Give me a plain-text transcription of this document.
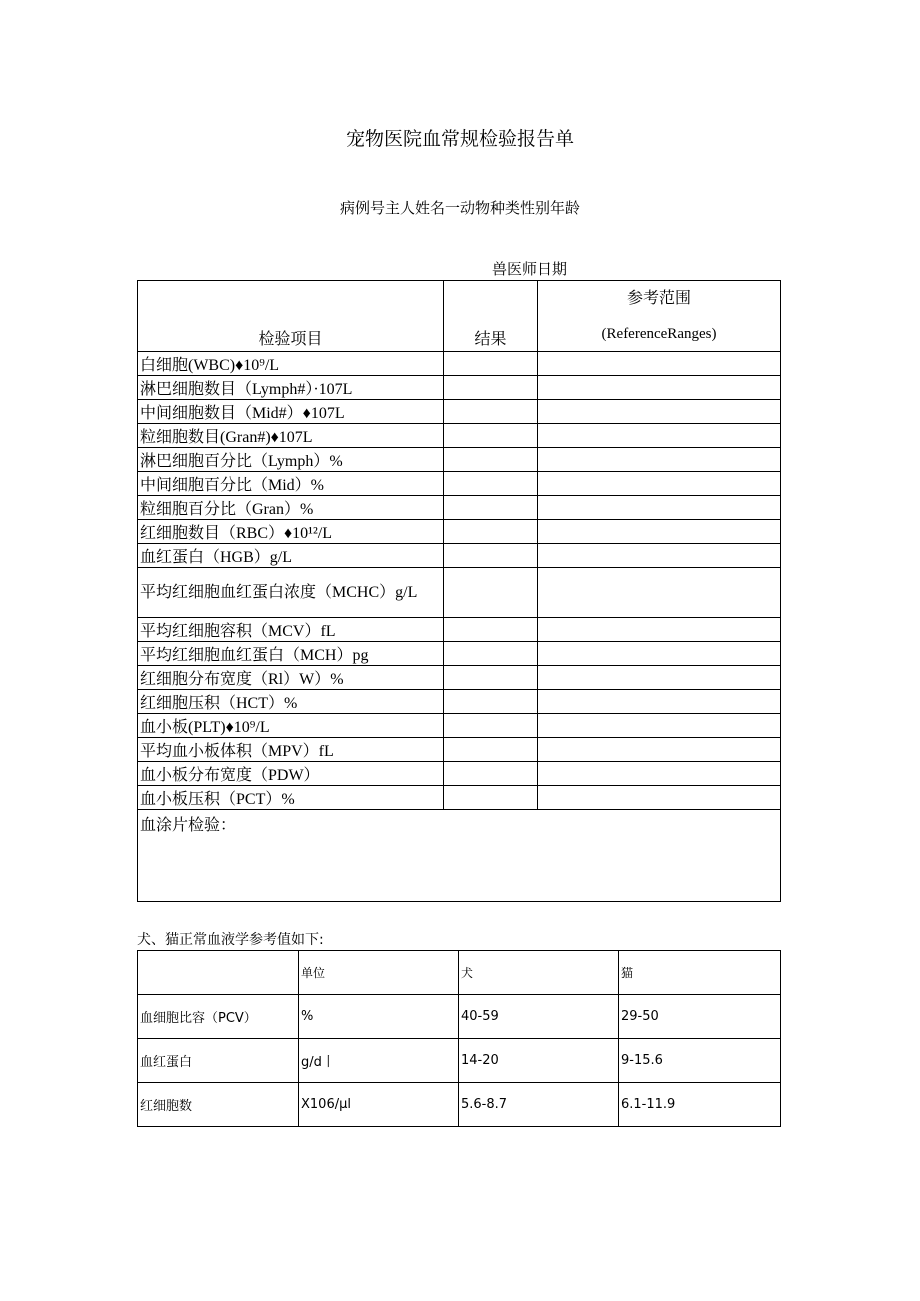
宠物医院血常规检验报告单
病例号主人姓名一动物种类性别年龄
兽医师日期
检验项目	结果	参考范围
(ReferenceRanges)

白细胞(WBC)♦10⁹/L		
淋巴细胞数目（Lymph#）·107L		
中间细胞数目（Mid#）♦107L		
粒细胞数目(Gran#)♦107L		
淋巴细胞百分比（Lymph）%		
中间细胞百分比（Mid）%		
粒细胞百分比（Gran）%		
红细胞数目（RBC）♦10¹²/L		
血红蛋白（HGB）g/L		
平均红细胞血红蛋白浓度（MCHC）g/L		
平均红细胞容积（MCV）fL		
平均红细胞血红蛋白（MCH）pg		
红细胞分布宽度（Rl）W）%		
红细胞压积（HCT）%		
血小板(PLT)♦10⁹/L		
平均血小板体积（MPV）fL		
血小板分布宽度（PDW）		
血小板压积（PCT）%		
血涂片检验：		
犬、猫正常血液学参考值如下:
	单位	犬	猫
血细胞比容（PCV）	%	40-59	29-50
血红蛋白	g/d丨	14-20	9-15.6
红细胞数	X106/μl	5.6-8.7	6.1-11.9
